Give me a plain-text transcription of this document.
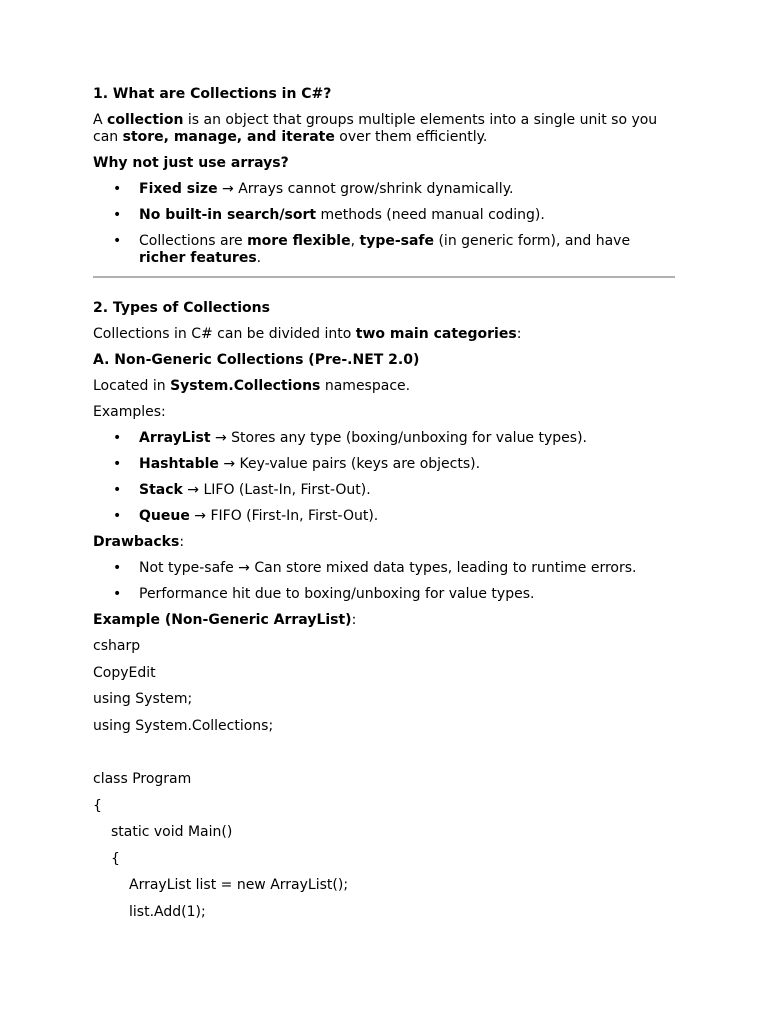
1. What are Collections in C#?

A collection is an object that groups multiple elements into a single unit so you can store, manage, and iterate over them efficiently.

Why not just use arrays?

• Fixed size → Arrays cannot grow/shrink dynamically.
• No built-in search/sort methods (need manual coding).
• Collections are more flexible, type-safe (in generic form), and have richer features.

2. Types of Collections

Collections in C# can be divided into two main categories:

A. Non-Generic Collections (Pre-.NET 2.0)

Located in System.Collections namespace.

Examples:

• ArrayList → Stores any type (boxing/unboxing for value types).
• Hashtable → Key-value pairs (keys are objects).
• Stack → LIFO (Last-In, First-Out).
• Queue → FIFO (First-In, First-Out).

Drawbacks:

• Not type-safe → Can store mixed data types, leading to runtime errors.
• Performance hit due to boxing/unboxing for value types.

Example (Non-Generic ArrayList):

csharp

CopyEdit

using System;

using System.Collections;

class Program

{

static void Main()

{

ArrayList list = new ArrayList();

list.Add(1);
